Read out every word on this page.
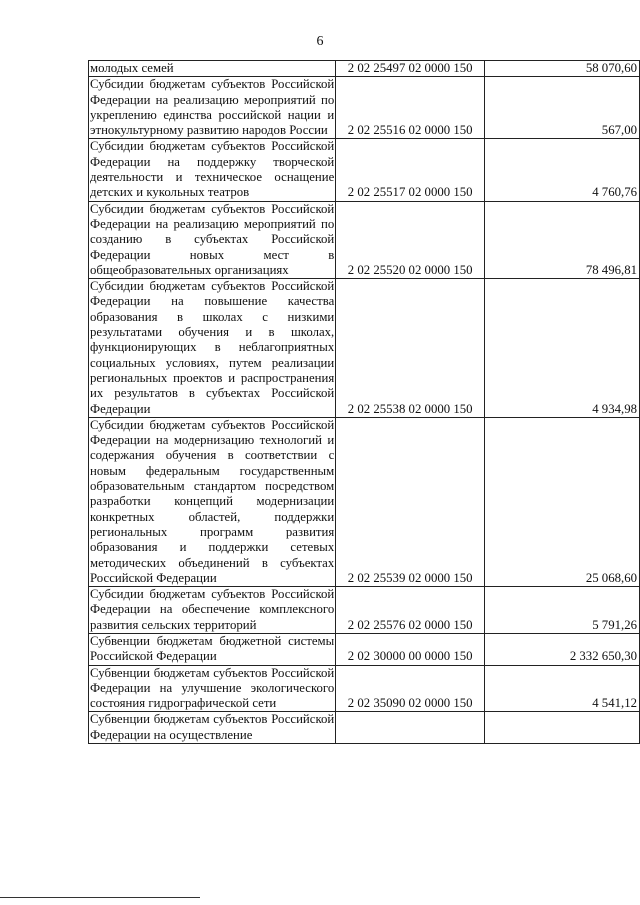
6
молодых семей	2 02 25497 02 0000 150	58 070,60
Субсидии бюджетам субъектов Российской Федерации на реализацию мероприятий по укреплению единства российской нации и этнокультурному развитию народов России	2 02 25516 02 0000 150	567,00
Субсидии бюджетам субъектов Российской Федерации на поддержку творческой деятельности и техническое оснащение детских и кукольных театров	2 02 25517 02 0000 150	4 760,76
Субсидии бюджетам субъектов Российской Федерации на реализацию мероприятий по созданию в субъектах Российской Федерации новых мест в общеобразовательных организациях	2 02 25520 02 0000 150	78 496,81
Субсидии бюджетам субъектов Российской Федерации на повышение качества образования в школах с низкими результатами обучения и в школах, функционирующих в неблагоприятных социальных условиях, путем реализации региональных проектов и распространения их результатов в субъектах Российской Федерации	2 02 25538 02 0000 150	4 934,98
Субсидии бюджетам субъектов Российской Федерации на модернизацию технологий и содержания обучения в соответствии с новым федеральным государственным образовательным стандартом посредством разработки концепций модернизации конкретных областей, поддержки региональных программ развития образования и поддержки сетевых методических объединений в субъектах Российской Федерации	2 02 25539 02 0000 150	25 068,60
Субсидии бюджетам субъектов Российской Федерации на обеспечение комплексного развития сельских территорий	2 02 25576 02 0000 150	5 791,26
Субвенции бюджетам бюджетной системы Российской Федерации	2 02 30000 00 0000 150	2 332 650,30
Субвенции бюджетам субъектов Российской Федерации на улучшение экологического состояния гидрографической сети	2 02 35090 02 0000 150	4 541,12
Субвенции бюджетам субъектов Российской Федерации на осуществление		
